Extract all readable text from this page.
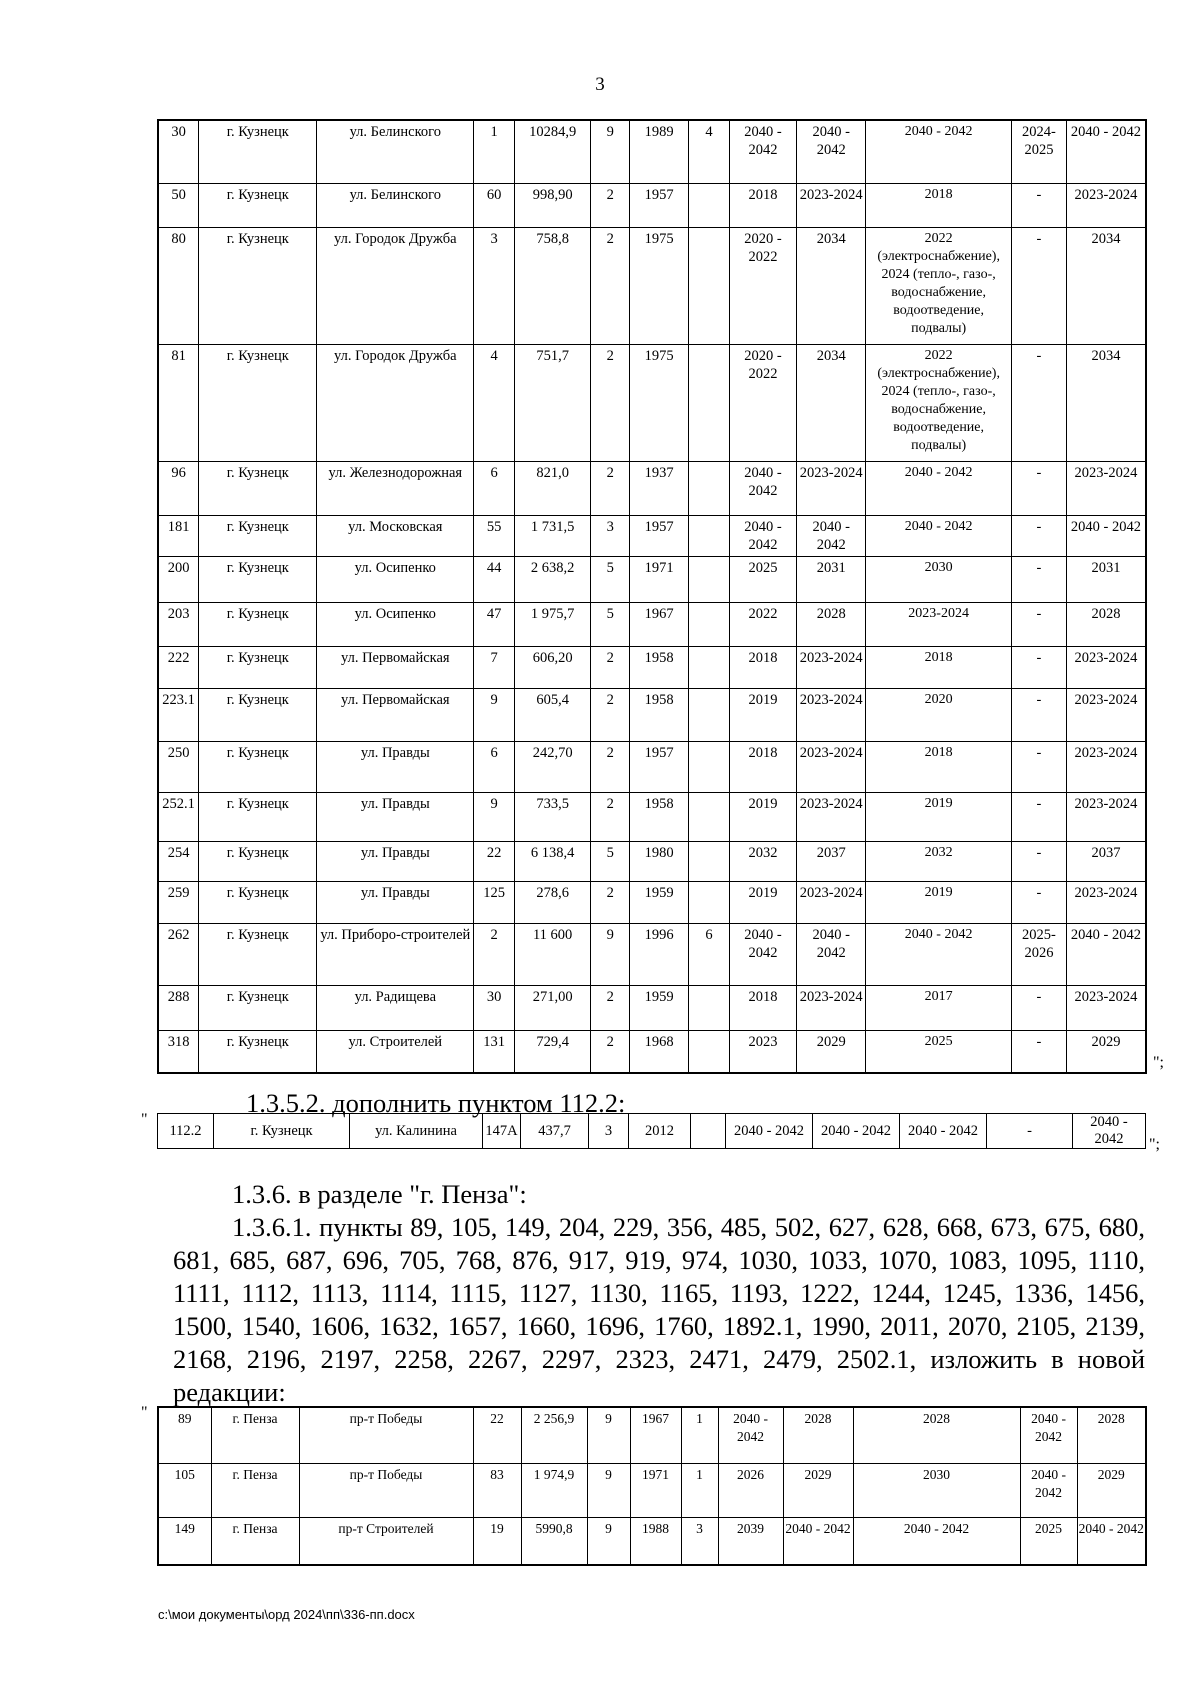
3
30	г. Кузнецк	ул. Белинского	1	10284,9	9	1989	4	2040 - 2042	2040 - 2042	2040 - 2042	2024-2025	2040 - 2042
50	г. Кузнецк	ул. Белинского	60	998,90	2	1957		2018	2023-2024	2018	-	2023-2024
80	г. Кузнецк	ул. Городок Дружба	3	758,8	2	1975		2020 - 2022	2034	2022 (электроснабжение), 2024 (тепло-, газо-, водоснабжение, водоотведение, подвалы)	-	2034
81	г. Кузнецк	ул. Городок Дружба	4	751,7	2	1975		2020 - 2022	2034	2022 (электроснабжение), 2024 (тепло-, газо-, водоснабжение, водоотведение, подвалы)	-	2034
96	г. Кузнецк	ул. Железнодорожная	6	821,0	2	1937		2040 - 2042	2023-2024	2040 - 2042	-	2023-2024
181	г. Кузнецк	ул. Московская	55	1 731,5	3	1957		2040 - 2042	2040 - 2042	2040 - 2042	-	2040 - 2042
200	г. Кузнецк	ул. Осипенко	44	2 638,2	5	1971		2025	2031	2030	-	2031
203	г. Кузнецк	ул. Осипенко	47	1 975,7	5	1967		2022	2028	2023-2024	-	2028
222	г. Кузнецк	ул. Первомайская	7	606,20	2	1958		2018	2023-2024	2018	-	2023-2024
223.1	г. Кузнецк	ул. Первомайская	9	605,4	2	1958		2019	2023-2024	2020	-	2023-2024
250	г. Кузнецк	ул. Правды	6	242,70	2	1957		2018	2023-2024	2018	-	2023-2024
252.1	г. Кузнецк	ул. Правды	9	733,5	2	1958		2019	2023-2024	2019	-	2023-2024
254	г. Кузнецк	ул. Правды	22	6 138,4	5	1980		2032	2037	2032	-	2037
259	г. Кузнецк	ул. Правды	125	278,6	2	1959		2019	2023-2024	2019	-	2023-2024
262	г. Кузнецк	ул. Приборо-строителей	2	11 600	9	1996	6	2040 - 2042	2040 - 2042	2040 - 2042	2025-2026	2040 - 2042
288	г. Кузнецк	ул. Радищева	30	271,00	2	1959		2018	2023-2024	2017	-	2023-2024
318	г. Кузнецк	ул. Строителей	131	729,4	2	1968		2023	2029	2025	-	2029
";
1.3.5.2. дополнить пунктом 112.2:
"
112.2	г. Кузнецк	ул. Калинина	147А	437,7	3	2012		2040 - 2042	2040 - 2042	2040 - 2042	-	2040 - 2042 ";
1.3.6. в разделе "г. Пенза":
1.3.6.1. пункты 89, 105, 149, 204, 229, 356, 485, 502, 627, 628, 668, 673, 675, 680, 681, 685, 687, 696, 705, 768, 876, 917, 919, 974, 1030, 1033, 1070, 1083, 1095, 1110, 1111, 1112, 1113, 1114, 1115, 1127, 1130, 1165, 1193, 1222, 1244, 1245, 1336, 1456, 1500, 1540, 1606, 1632, 1657, 1660, 1696, 1760, 1892.1, 1990, 2011, 2070, 2105, 2139, 2168, 2196, 2197, 2258, 2267, 2297, 2323, 2471, 2479, 2502.1, изложить в новой редакции:
" 89	г. Пенза	пр-т Победы	22	2 256,9	9	1967	1	2040 - 2042	2028	2028	2040 - 2042	2028
105	г. Пенза	пр-т Победы	83	1 974,9	9	1971	1	2026	2029	2030	2040 - 2042	2029
149	г. Пенза	пр-т Строителей	19	5990,8	9	1988	3	2039	2040 - 2042	2040 - 2042	2025	2040 - 2042
c:\мои документы\орд 2024\пп\336-пп.docx
